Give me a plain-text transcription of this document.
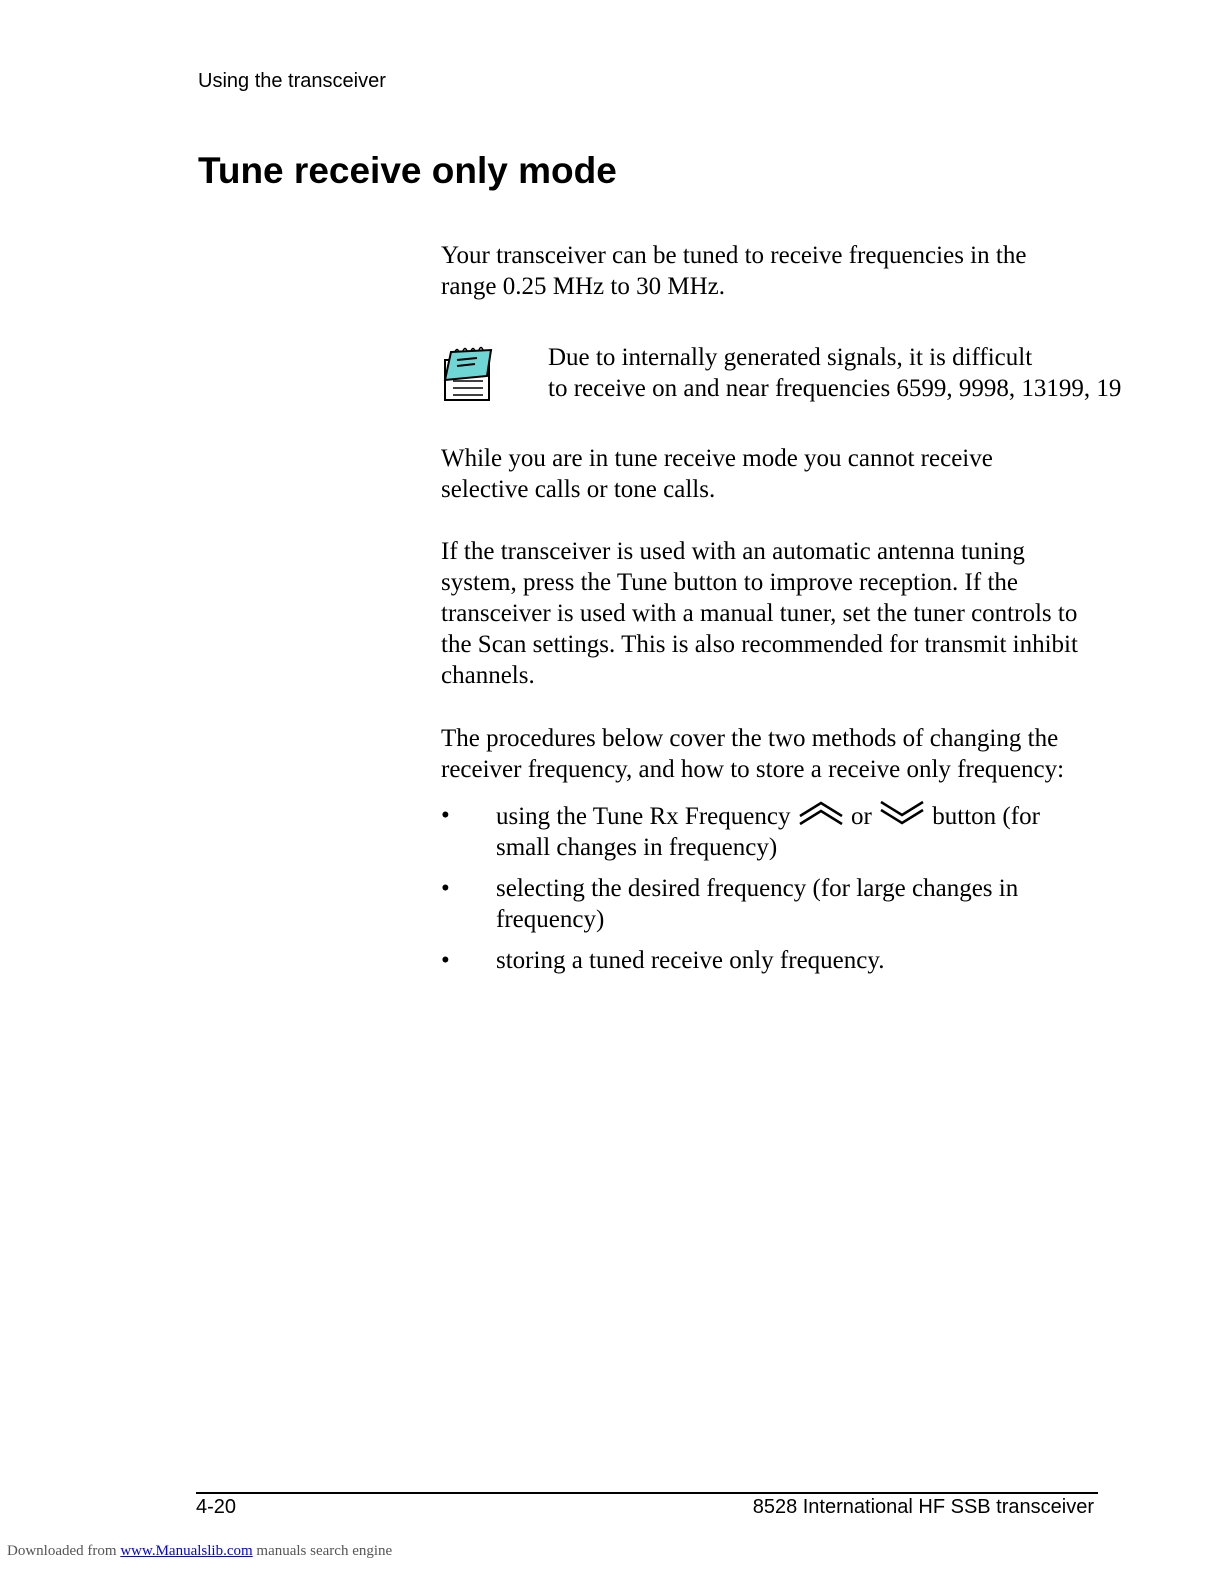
Using the transceiver
Tune receive only mode

Your transceiver can be tuned to receive frequencies in the range 0.25 MHz to 30 MHz.

Due to internally generated signals, it is difficult
to receive on and near frequencies 6599, 9998, 13199, 19

While you are in tune receive mode you cannot receive selective calls or tone calls.

If the transceiver is used with an automatic antenna tuning system, press the Tune button to improve reception. If the transceiver is used with a manual tuner, set the tuner controls to the Scan settings. This is also recommended for transmit inhibit channels.

The procedures below cover the two methods of changing the receiver frequency, and how to store a receive only frequency:

• using the Tune Rx Frequency  or  button (for small changes in frequency)
• selecting the desired frequency (for large changes in frequency)
• storing a tuned receive only frequency.
4-20	8528 International HF SSB transceiver
Downloaded from www.Manualslib.com manuals search engine
